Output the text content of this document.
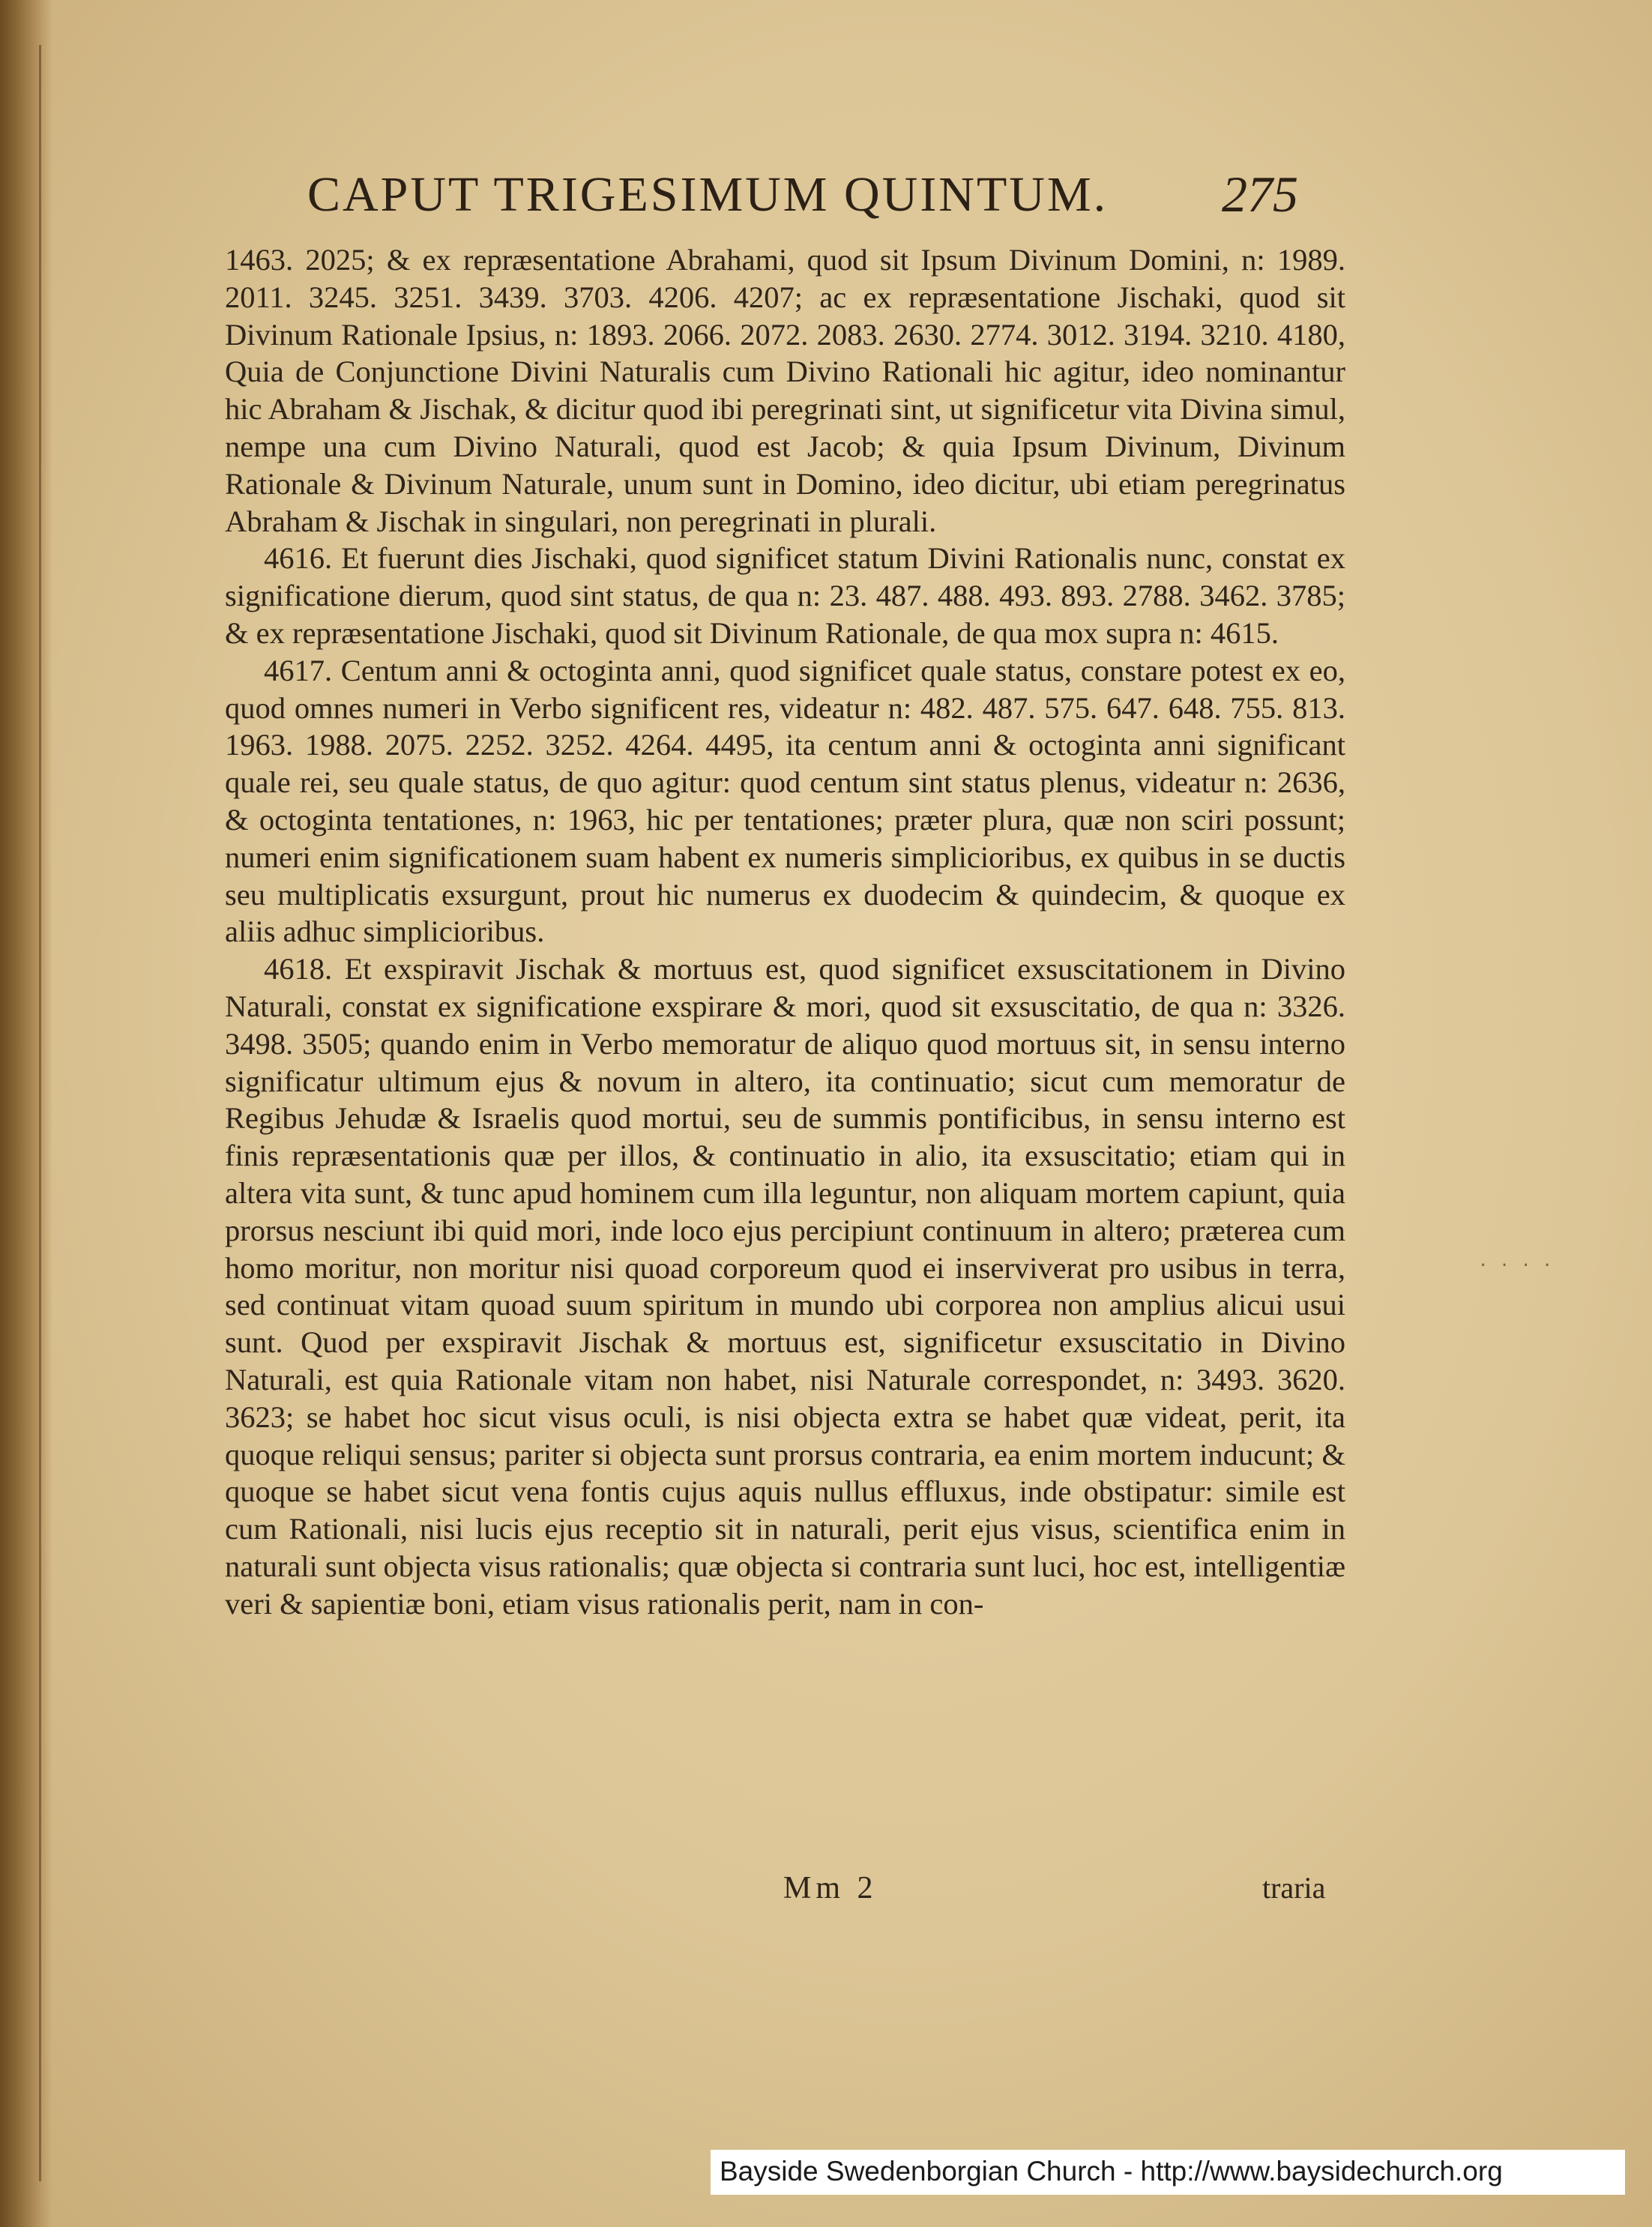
CAPUT TRIGESIMUM QUINTUM. 275

1463. 2025; & ex repræsentatione Abrahami, quod sit Ipsum Divinum Domini, n: 1989. 2011. 3245. 3251. 3439. 3703. 4206. 4207; ac ex repræsentatione Jischaki, quod sit Divinum Rationale Ipsius, n: 1893. 2066. 2072. 2083. 2630. 2774. 3012. 3194. 3210. 4180, Quia de Conjunctione Divini Naturalis cum Divino Rationali hic agitur, ideo nominantur hic Abraham & Jischak, & dicitur quod ibi peregrinati sint, ut significetur vita Divina simul, nempe una cum Divino Naturali, quod est Jacob; & quia Ipsum Divinum, Divinum Rationale & Divinum Naturale, unum sunt in Domino, ideo dicitur, ubi etiam peregrinatus Abraham & Jischak in singulari, non peregrinati in plurali.

4616. Et fuerunt dies Jischaki, quod significet statum Divini Rationalis nunc, constat ex significatione dierum, quod sint status, de qua n: 23. 487. 488. 493. 893. 2788. 3462. 3785; & ex repræsentatione Jischaki, quod sit Divinum Rationale, de qua mox supra n: 4615.

4617. Centum anni & octoginta anni, quod significet quale status, constare potest ex eo, quod omnes numeri in Verbo significent res, videatur n: 482. 487. 575. 647. 648. 755. 813. 1963. 1988. 2075. 2252. 3252. 4264. 4495, ita centum anni & octoginta anni significant quale rei, seu quale status, de quo agitur: quod centum sint status plenus, videatur n: 2636, & octoginta tentationes, n: 1963, hic per tentationes; præter plura, quæ non sciri possunt; numeri enim significationem suam habent ex numeris simplicioribus, ex quibus in se ductis seu multiplicatis exsurgunt, prout hic numerus ex duodecim & quindecim, & quoque ex aliis adhuc simplicioribus.

4618. Et exspiravit Jischak & mortuus est, quod significet exsuscitationem in Divino Naturali, constat ex significatione exspirare & mori, quod sit exsuscitatio, de qua n: 3326. 3498. 3505; quando enim in Verbo memoratur de aliquo quod mortuus sit, in sensu interno significatur ultimum ejus & novum in altero, ita continuatio; sicut cum memoratur de Regibus Jehudæ & Israelis quod mortui, seu de summis pontificibus, in sensu interno est finis repræsentationis quæ per illos, & continuatio in alio, ita exsuscitatio; etiam qui in altera vita sunt, & tunc apud hominem cum illa leguntur, non aliquam mortem capiunt, quia prorsus nesciunt ibi quid mori, inde loco ejus percipiunt continuum in altero; præterea cum homo moritur, non moritur nisi quoad corporeum quod ei inserviverat pro usibus in terra, sed continuat vitam quoad suum spiritum in mundo ubi corporea non amplius alicui usui sunt. Quod per exspiravit Jischak & mortuus est, significetur exsuscitatio in Divino Naturali, est quia Rationale vitam non habet, nisi Naturale correspondet, n: 3493. 3620. 3623; se habet hoc sicut visus oculi, is nisi objecta extra se habet quæ videat, perit, ita quoque reliqui sensus; pariter si objecta sunt prorsus contraria, ea enim mortem inducunt; & quoque se habet sicut vena fontis cujus aquis nullus effluxus, inde obstipatur: simile est cum Rationali, nisi lucis ejus receptio sit in naturali, perit ejus visus, scientifica enim in naturali sunt objecta visus rationalis; quæ objecta si contraria sunt luci, hoc est, intelligentiæ veri & sapientiæ boni, etiam visus rationalis perit, nam in con-

· · · ·
Mm 2	traria
Bayside Swedenborgian Church - http://www.baysidechurch.org
